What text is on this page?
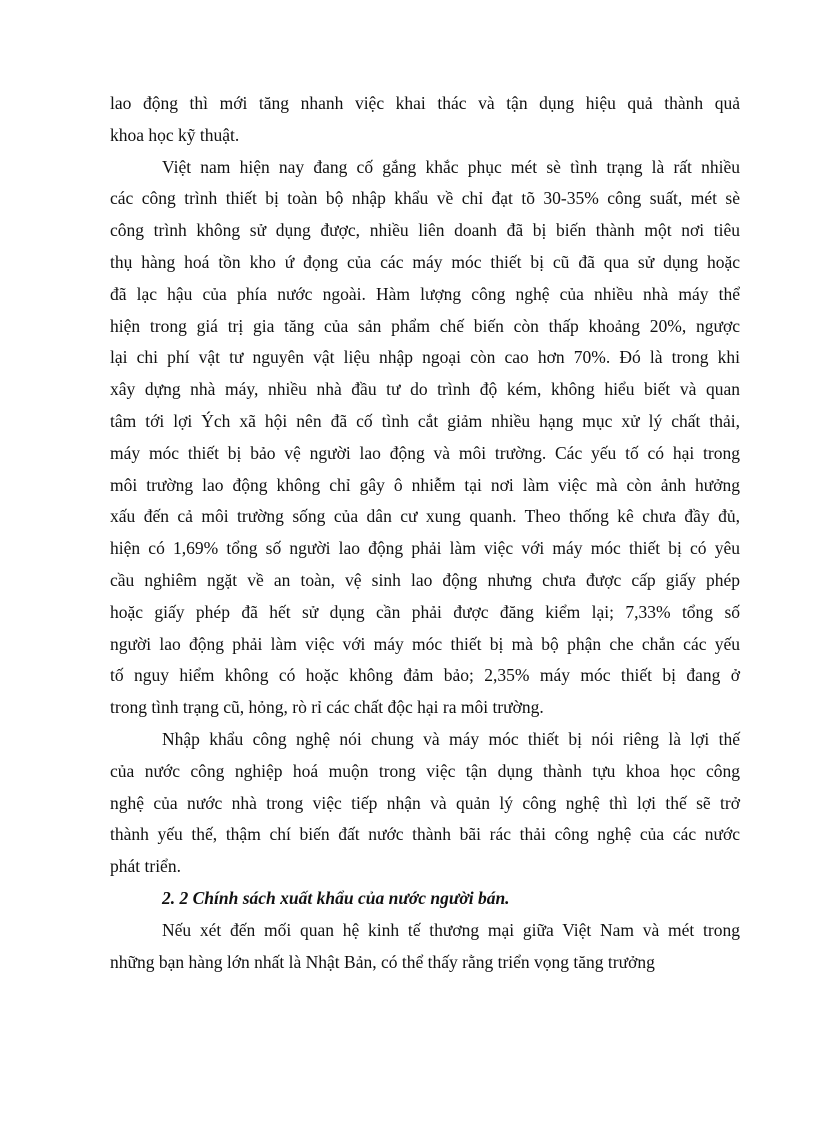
lao động thì mới tăng nhanh việc khai thác và tận dụng hiệu quả thành quả
khoa học kỹ thuật.
Việt nam hiện nay đang cố gắng khắc phục mét sè tình trạng là rất nhiều
các công trình thiết bị toàn bộ nhập khẩu về chỉ đạt tõ 30-35% công suất, mét sè
công trình không sử dụng được, nhiều liên doanh đã bị biến thành một nơi tiêu
thụ hàng hoá tồn kho ứ đọng của các máy móc thiết bị cũ đã qua sử dụng hoặc
đã lạc hậu của phía nước ngoài. Hàm lượng công nghệ của nhiều nhà máy thể
hiện trong giá trị gia tăng của sản phẩm chế biến còn thấp khoảng 20%, ngược
lại chi phí vật tư nguyên vật liệu nhập ngoại còn cao hơn 70%. Đó là trong khi
xây dựng nhà máy, nhiều nhà đầu tư do trình độ kém, không hiểu biết và quan
tâm tới lợi Ých xã hội nên đã cố tình cắt giảm nhiều hạng mục xử lý chất thải,
máy móc thiết bị bảo vệ người lao động và môi trường. Các yếu tố có hại trong
môi trường lao động không chỉ gây ô nhiễm tại nơi làm việc mà còn ảnh hưởng
xấu đến cả môi trường sống của dân cư xung quanh. Theo thống kê chưa đầy đủ,
hiện có 1,69% tổng số người lao động phải làm việc với máy móc thiết bị có yêu
cầu nghiêm ngặt về an toàn, vệ sinh lao động nhưng chưa được cấp giấy phép
hoặc giấy phép đã hết sử dụng cần phải được đăng kiểm lại; 7,33% tổng số
người lao động phải làm việc với máy móc thiết bị mà bộ phận che chắn các yếu
tố nguy hiểm không có hoặc không đảm bảo; 2,35% máy móc thiết bị đang ở
trong tình trạng cũ, hỏng, rò rỉ các chất độc hại ra môi trường.
Nhập khẩu công nghệ nói chung và máy móc thiết bị nói riêng là lợi thế
của nước công nghiệp hoá muộn trong việc tận dụng thành tựu khoa học công
nghệ của nước nhà trong việc tiếp nhận và quản lý công nghệ thì lợi thế sẽ trở
thành yếu thế, thậm chí biến đất nước thành bãi rác thải công nghệ của các nước
phát triển.
2. 2 Chính sách xuất khẩu của nước người bán.
Nếu xét đến mối quan hệ kinh tế thương mại giữa Việt Nam và mét trong
những bạn hàng lớn nhất là Nhật Bản, có thể thấy rằng triển vọng tăng trưởng
